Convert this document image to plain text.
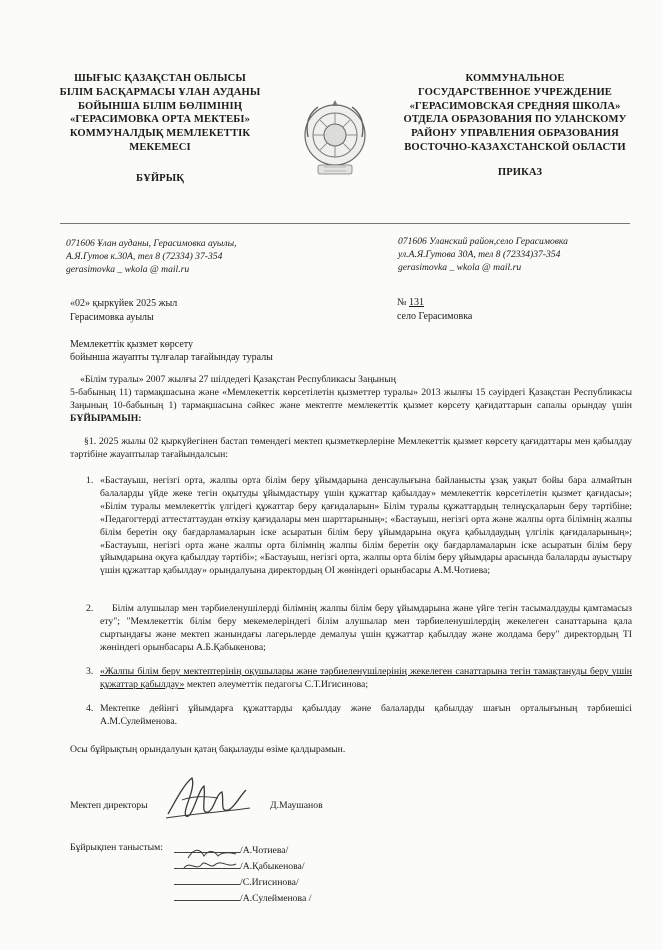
ШЫҒЫС ҚАЗАҚСТАН ОБЛЫСЫ
БІЛІМ БАСҚАРМАСЫ ҰЛАН АУДАНЫ
БОЙЫНША БІЛІМ БӨЛІМІНІҢ
«ГЕРАСИМОВКА ОРТА МЕКТЕБІ»
КОММУНАЛДЫҚ МЕМЛЕКЕТТІК
МЕКЕМЕСІ
БҰЙРЫҚ
КОММУНАЛЬНОЕ
ГОСУДАРСТВЕННОЕ УЧРЕЖДЕНИЕ
«ГЕРАСИМОВСКАЯ СРЕДНЯЯ ШКОЛА»
ОТДЕЛА ОБРАЗОВАНИЯ ПО УЛАНСКОМУ
РАЙОНУ УПРАВЛЕНИЯ ОБРАЗОВАНИЯ
ВОСТОЧНО-КАЗАХСТАНСКОЙ ОБЛАСТИ
ПРИКАЗ
071606 Ұлан ауданы, Герасимовка ауылы,
А.Я.Гутов к.30А, тел 8 (72334) 37-354
gerasimovka _ wkola @ mail.ru
071606 Уланский район,село Герасимовка
ул.А.Я.Гутова 30А, тел 8 (72334)37-354
gerasimovka _ wkola @ mail.ru
«02» қыркүйек 2025 жыл
Герасимовка ауылы
№ 131
село Герасимовка
Мемлекеттік қызмет көрсету
бойынша жауапты тұлғалар тағайындау туралы
«Білім туралы» 2007 жылғы 27 шілдедегі Қазақстан Республикасы Заңының
5-бабының 11) тармақшасына және «Мемлекеттік көрсетілетін қызметтер туралы» 2013 жылғы 15 сәуірдегі Қазақстан Республикасы Заңының 10-бабының 1) тармақшасына сәйкес және мектепте мемлекеттік қызмет көрсету қағидаттарын сапалы орындау үшін БҰЙЫРАМЫН:
§1. 2025 жылы 02 қыркүйегінен бастап төмендегі мектеп қызметкерлеріне Мемлекеттік қызмет көрсету қағидаттары мен қабылдау тәртібіне жауаптылар тағайындалсын:
1. «Бастауыш, негізгі орта, жалпы орта білім беру ұйымдарына денсаулығына байланысты ұзақ уақыт бойы бара алмайтын балаларды үйде жеке тегін оқытуды ұйымдастыру үшін құжаттар қабылдау» мемлекеттік көрсетілетін қызмет қағидасы»; «Білім туралы мемлекеттік үлгідегі құжаттар беру қағидаларын» Білім туралы құжаттардың телнұсқаларын беру тәртібіне; «Педагогтерді аттестаттаудан өткізу қағидалары мен шарттарының»; «Бастауыш, негізгі орта және жалпы орта білімнің жалпы білім беретін оқу бағдарламаларын іске асыратын білім беру ұйымдарына оқуға қабылдаудың үлгілік қағидаларының»; «Бастауыш, негізгі орта және жалпы орта білімнің жалпы білім беретін оқу бағдарламаларын іске асыратын білім беру ұйымдарына оқуға қабылдау тәртібі»; «Бастауыш, негізгі орта, жалпы орта білім беру ұйымдары арасында балаларды ауыстыру үшін құжаттар қабылдау» орындалуына директордың ОІ жөніндегі орынбасары А.М.Чотиева;
2.	Білім алушылар мен тәрбиеленушілерді білімнің жалпы білім беру ұйымдарына және үйге тегін тасымалдауды қамтамасыз ету"; "Мемлекеттік білім беру мекемелеріндегі білім алушылар мен тәрбиеленушілердің жекелеген санаттарына қала сыртындағы және мектеп жанындағы лагерьлерде демалуы үшін құжаттар қабылдау және жолдама беру" директордың ТІ жөніндегі орынбасары А.Б.Қабыкенова;
3. «Жалпы білім беру мектептерінің оқушылары және тәрбиеленушілерінің жекелеген санаттарына тегін тамақтануды беру үшін құжаттар қабылдау» мектеп әлеуметтік педагогы С.Т.Игисинова;
4. Мектепке дейінгі ұйымдарға құжаттарды қабылдау және балаларды қабылдау шағын орталығының тәрбиешісі А.М.Сулейменова.
Осы бұйрықтың орындалуын қатаң бақылауды өзіме қалдырамын.
Мектеп директоры	Д.Маушанов
Бұйрықпен таныстым:	/А.Чотиева/
/А.Қабыкенова/
/С.Игисинова/
/А.Сулейменова /
